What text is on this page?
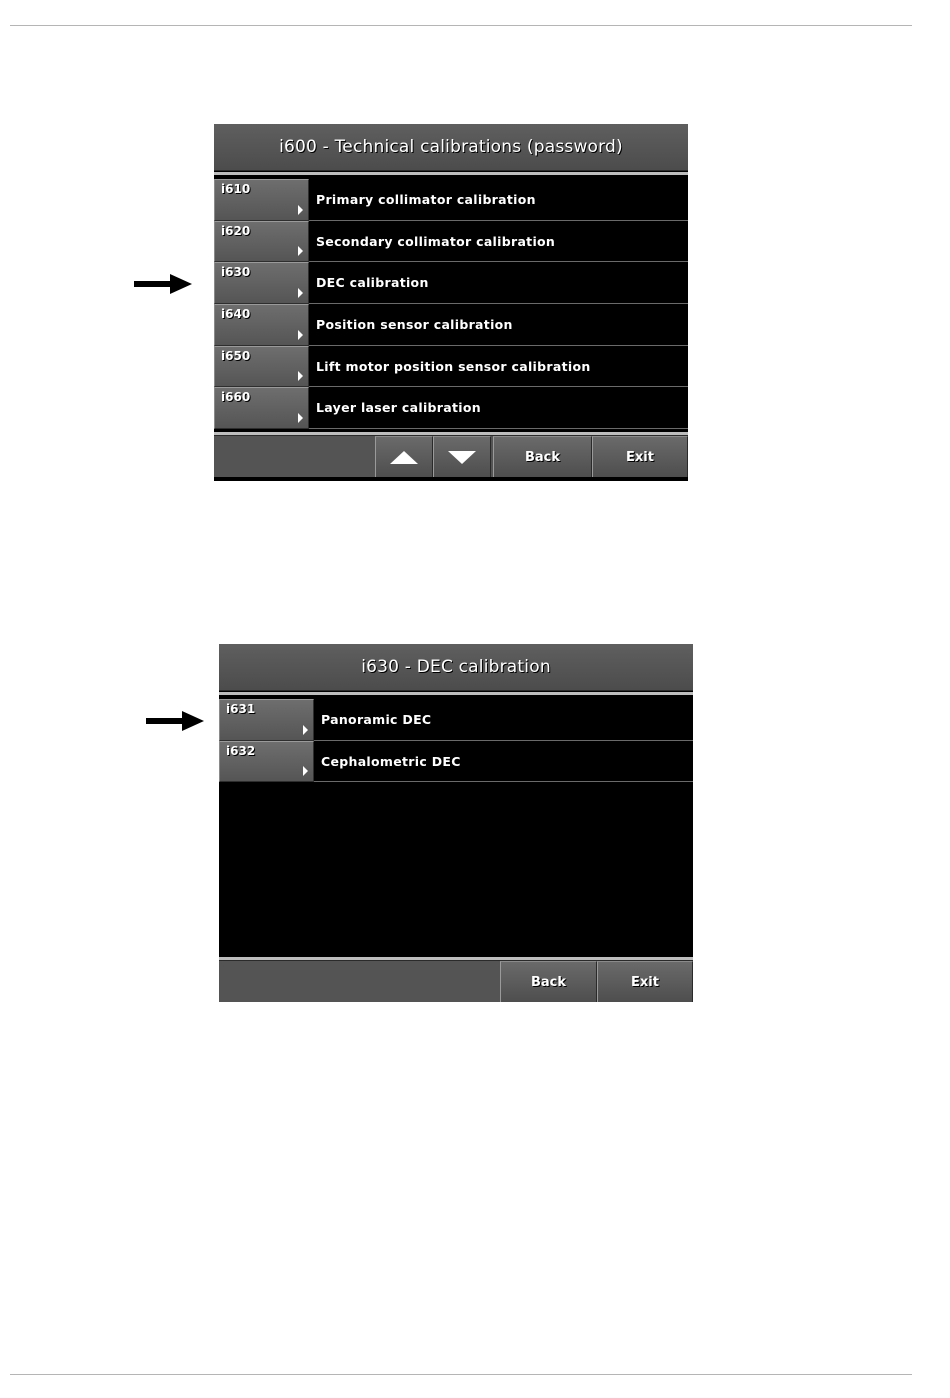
i600 - Technical calibrations (password)
i610
Primary collimator calibration
i620
Secondary collimator calibration
i630
DEC calibration
i640
Position sensor calibration
i650
Lift motor position sensor calibration
i660
Layer laser calibration
Back	Exit
i630 - DEC calibration
i631
Panoramic DEC
i632
Cephalometric DEC
Back	Exit
